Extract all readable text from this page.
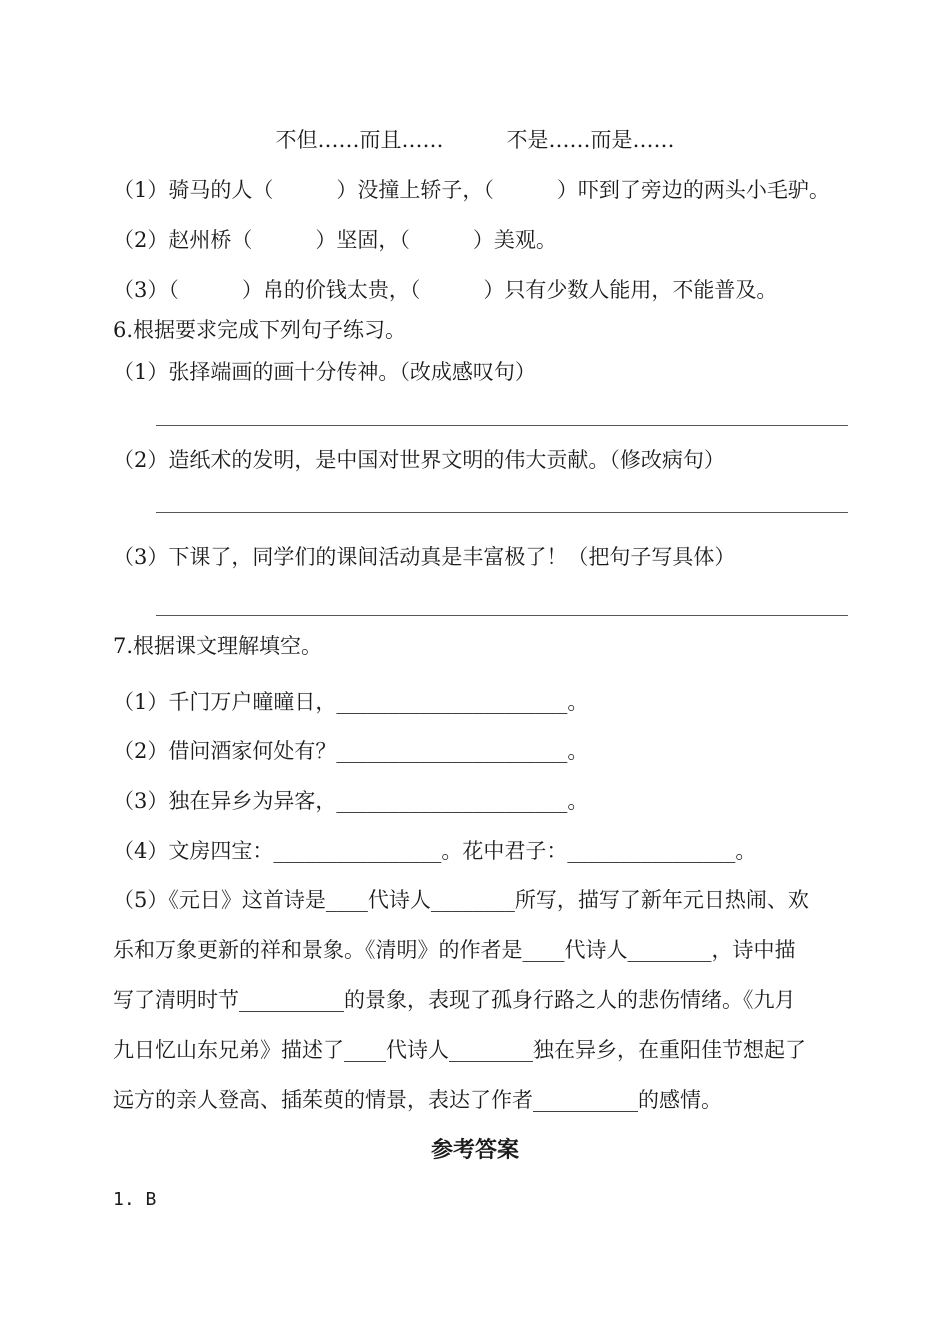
不但……而且……　　　不是……而是……
（1）骑马的人（　　　）没撞上轿子，（　　　）吓到了旁边的两头小毛驴。
（2）赵州桥（　　　）坚固，（　　　）美观。
（3）（　　　）帛的价钱太贵，（　　　）只有少数人能用，不能普及。
6.根据要求完成下列句子练习。
（1）张择端画的画十分传神。（改成感叹句）
（2）造纸术的发明，是中国对世界文明的伟大贡献。（修改病句）
（3）下课了，同学们的课间活动真是丰富极了！（把句子写具体）
7.根据课文理解填空。
（1）千门万户曈曈日，______________________。
（2）借问酒家何处有？______________________。
（3）独在异乡为异客，______________________。
（4）文房四宝：________________。花中君子：________________。
（5）《元日》这首诗是____代诗人________所写，描写了新年元日热闹、欢
乐和万象更新的祥和景象。《清明》的作者是____代诗人________，诗中描
写了清明时节__________的景象，表现了孤身行路之人的悲伤情绪。《九月
九日忆山东兄弟》描述了____代诗人________独在异乡，在重阳佳节想起了
远方的亲人登高、插茱萸的情景，表达了作者__________的感情。
参考答案
1. B
